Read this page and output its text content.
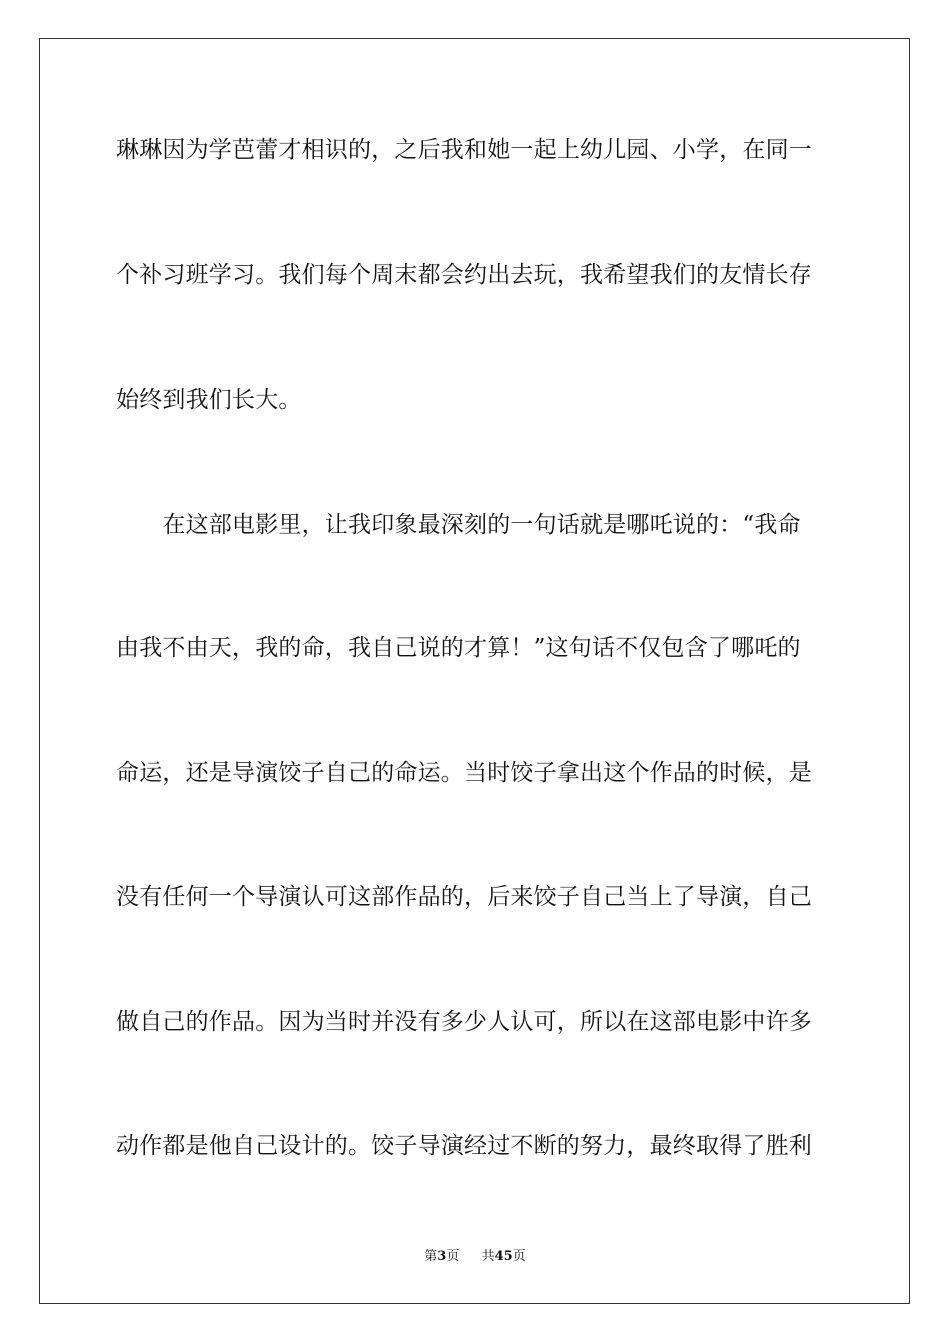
琳琳因为学芭蕾才相识的，之后我和她一起上幼儿园、小学，在同一
个补习班学习。我们每个周末都会约出去玩，我希望我们的友情长存
始终到我们长大。
　　在这部电影里，让我印象最深刻的一句话就是哪吒说的：“我命
由我不由天，我的命，我自己说的才算！”这句话不仅包含了哪吒的
命运，还是导演饺子自己的命运。当时饺子拿出这个作品的时候，是
没有任何一个导演认可这部作品的，后来饺子自己当上了导演，自己
做自己的作品。因为当时并没有多少人认可，所以在这部电影中许多
动作都是他自己设计的。饺子导演经过不断的努力，最终取得了胜利
第3页 共45页
